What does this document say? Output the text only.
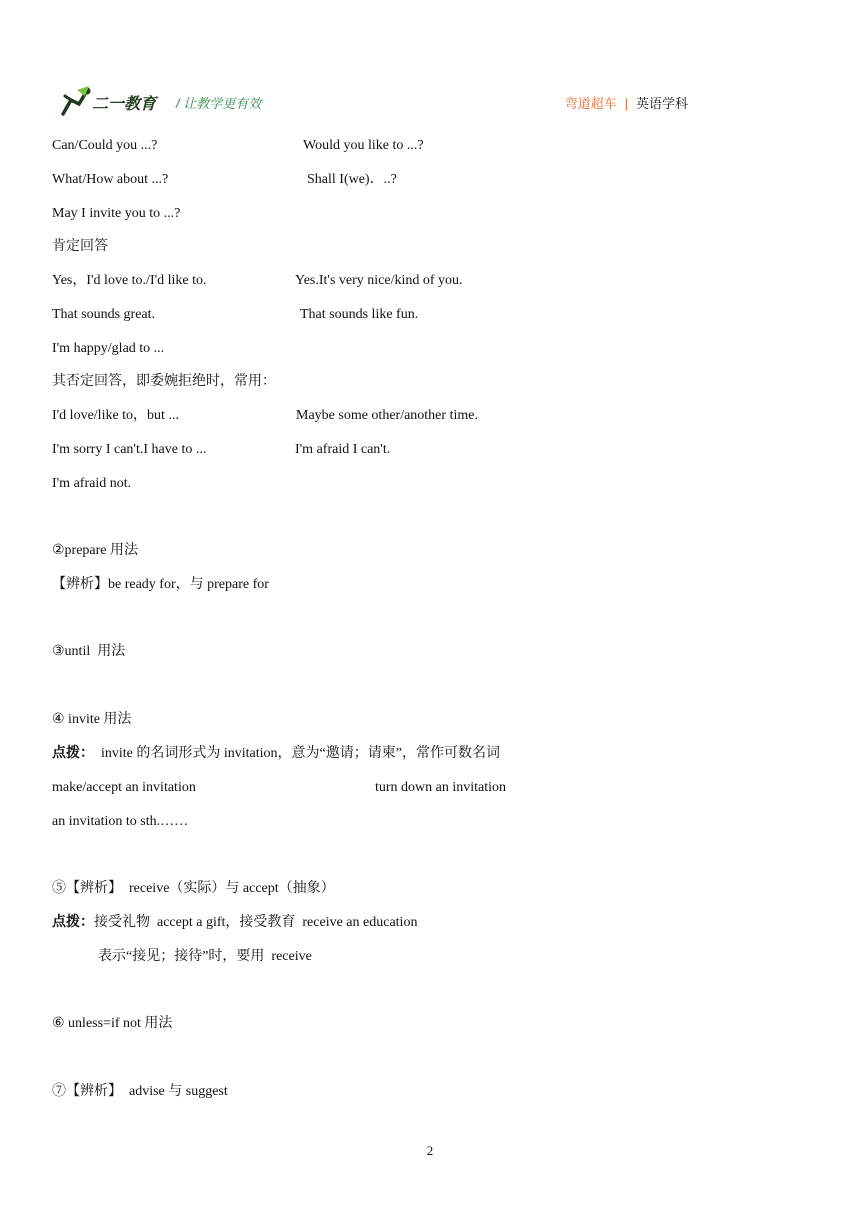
二一教育 / 让教学更有效	弯道超车 | 英语学科
Can/Could you ...?	Would you like to ...?
What/How about ...?	Shall I(we)．..?
May I invite you to ...?
肯定回答
Yes，I'd love to./I'd like to.	Yes.It's very nice/kind of you.
That sounds great.	That sounds like fun.
I'm happy/glad to ...
其否定回答，即委婉拒绝时，常用：
I'd love/like to，but ...	Maybe some other/another time.
I'm sorry I can't.I have to ...	I'm afraid I can't.
I'm afraid not.
②prepare 用法
【辨析】be ready for，与 prepare for
③until  用法
④ invite 用法
点拨：  invite 的名词形式为 invitation，意为“邀请；请柬”，常作可数名词
make/accept an invitation	turn down an invitation
an invitation to sth.……
⑤【辨析】  receive（实际）与 accept（抽象）
点拨：接受礼物  accept a gift，接受教育  receive an education
表示“接见；接待”时，要用  receive
⑥ unless=if not 用法
⑦【辨析】  advise 与 suggest
2
